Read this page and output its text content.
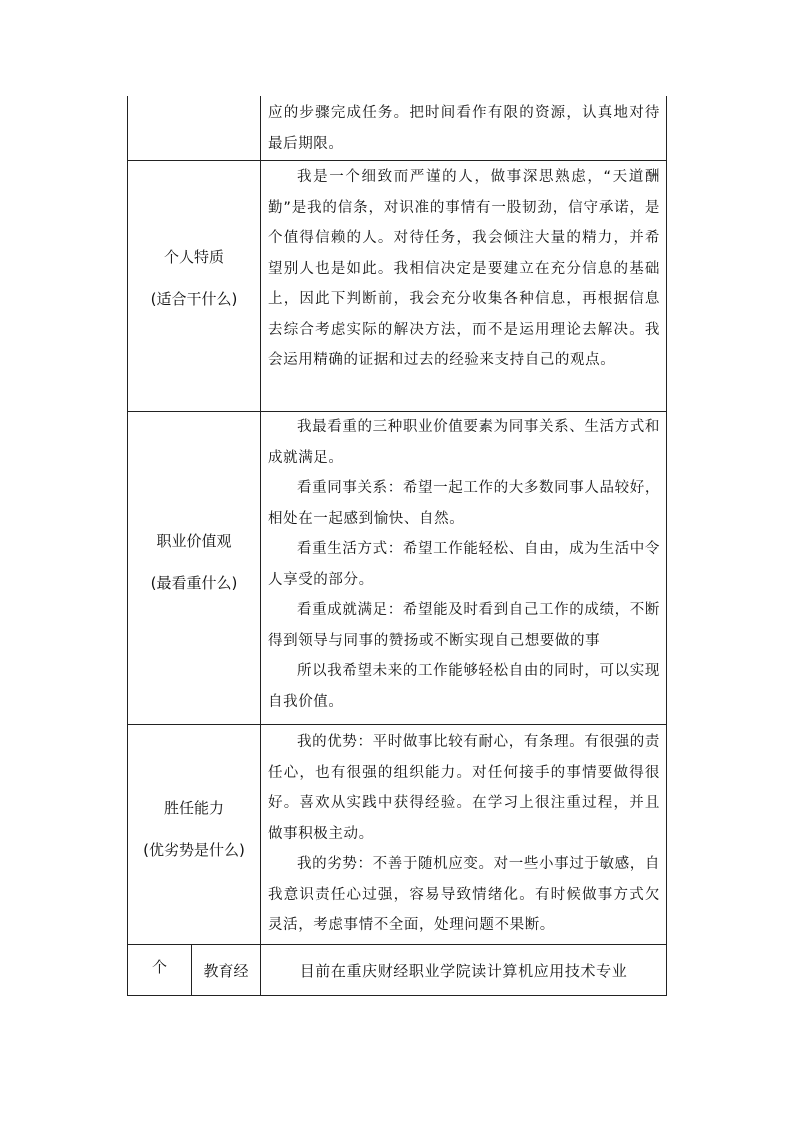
应的步骤完成任务。把时间看作有限的资源，认真地对待最后期限。

个人特质
(适合干什么)

我是一个细致而严谨的人，做事深思熟虑，“天道酬勤”是我的信条，对识准的事情有一股韧劲，信守承诺，是个值得信赖的人。对待任务，我会倾注大量的精力，并希望别人也是如此。我相信决定是要建立在充分信息的基础上，因此下判断前，我会充分收集各种信息，再根据信息去综合考虑实际的解决方法，而不是运用理论去解决。我会运用精确的证据和过去的经验来支持自己的观点。

职业价值观
(最看重什么)

我最看重的三种职业价值要素为同事关系、生活方式和成就满足。

看重同事关系：希望一起工作的大多数同事人品较好，相处在一起感到愉快、自然。

看重生活方式：希望工作能轻松、自由，成为生活中令人享受的部分。

看重成就满足：希望能及时看到自己工作的成绩，不断得到领导与同事的赞扬或不断实现自己想要做的事

所以我希望未来的工作能够轻松自由的同时，可以实现自我价值。

胜任能力
(优劣势是什么)

我的优势：平时做事比较有耐心，有条理。有很强的责任心，也有很强的组织能力。对任何接手的事情要做得很好。喜欢从实践中获得经验。在学习上很注重过程，并且做事积极主动。

我的劣势：不善于随机应变。对一些小事过于敏感，自我意识责任心过强，容易导致情绪化。有时候做事方式欠灵活，考虑事情不全面，处理问题不果断。

个	教育经	目前在重庆财经职业学院读计算机应用技术专业
